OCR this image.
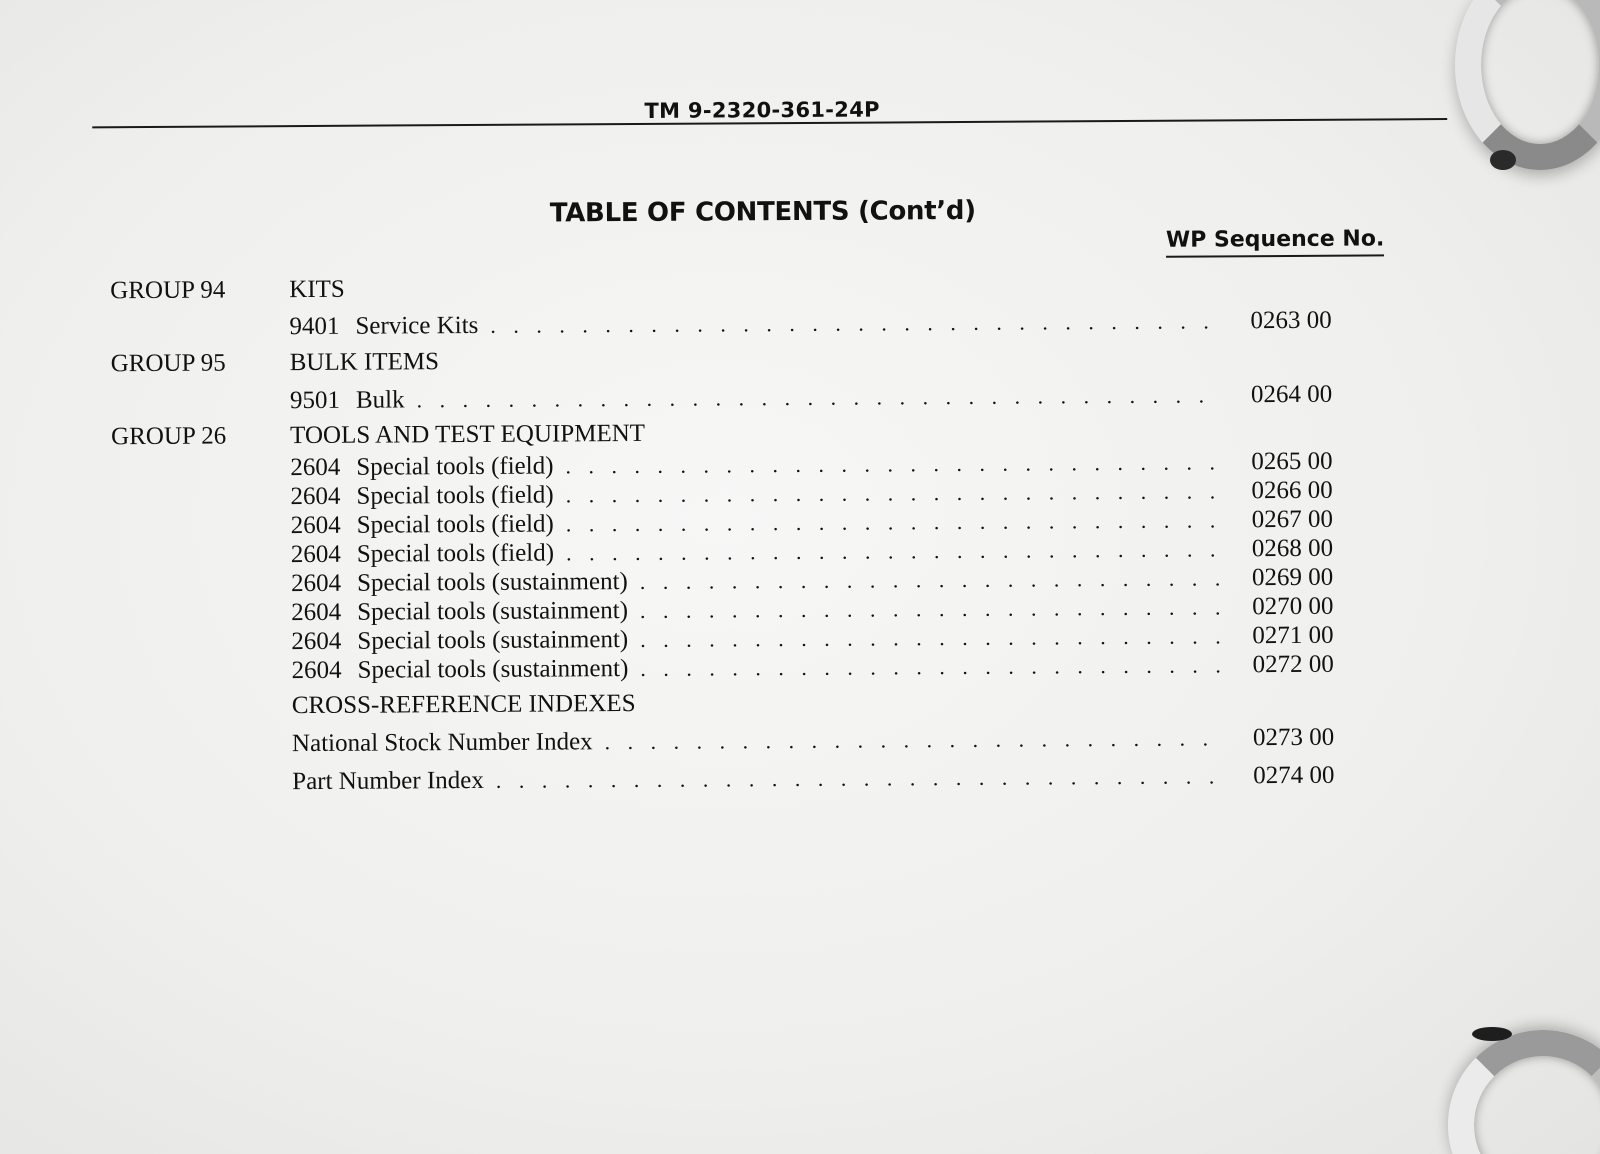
TM 9-2320-361-24P
TABLE OF CONTENTS (Cont’d)
WP Sequence No.
GROUP 94	KITS
9401 Service Kits . . .	0263 00
GROUP 95	BULK ITEMS
9501 Bulk . . .	0264 00
GROUP 26	TOOLS AND TEST EQUIPMENT
2604 Special tools (field) . . .	0265 00
2604 Special tools (field) . . .	0266 00
2604 Special tools (field) . . .	0267 00
2604 Special tools (field) . . .	0268 00
2604 Special tools (sustainment) . . .	0269 00
2604 Special tools (sustainment) . . .	0270 00
2604 Special tools (sustainment) . . .	0271 00
2604 Special tools (sustainment) . . .	0272 00
CROSS-REFERENCE INDEXES
National Stock Number Index . . .	0273 00
Part Number Index . . .	0274 00
